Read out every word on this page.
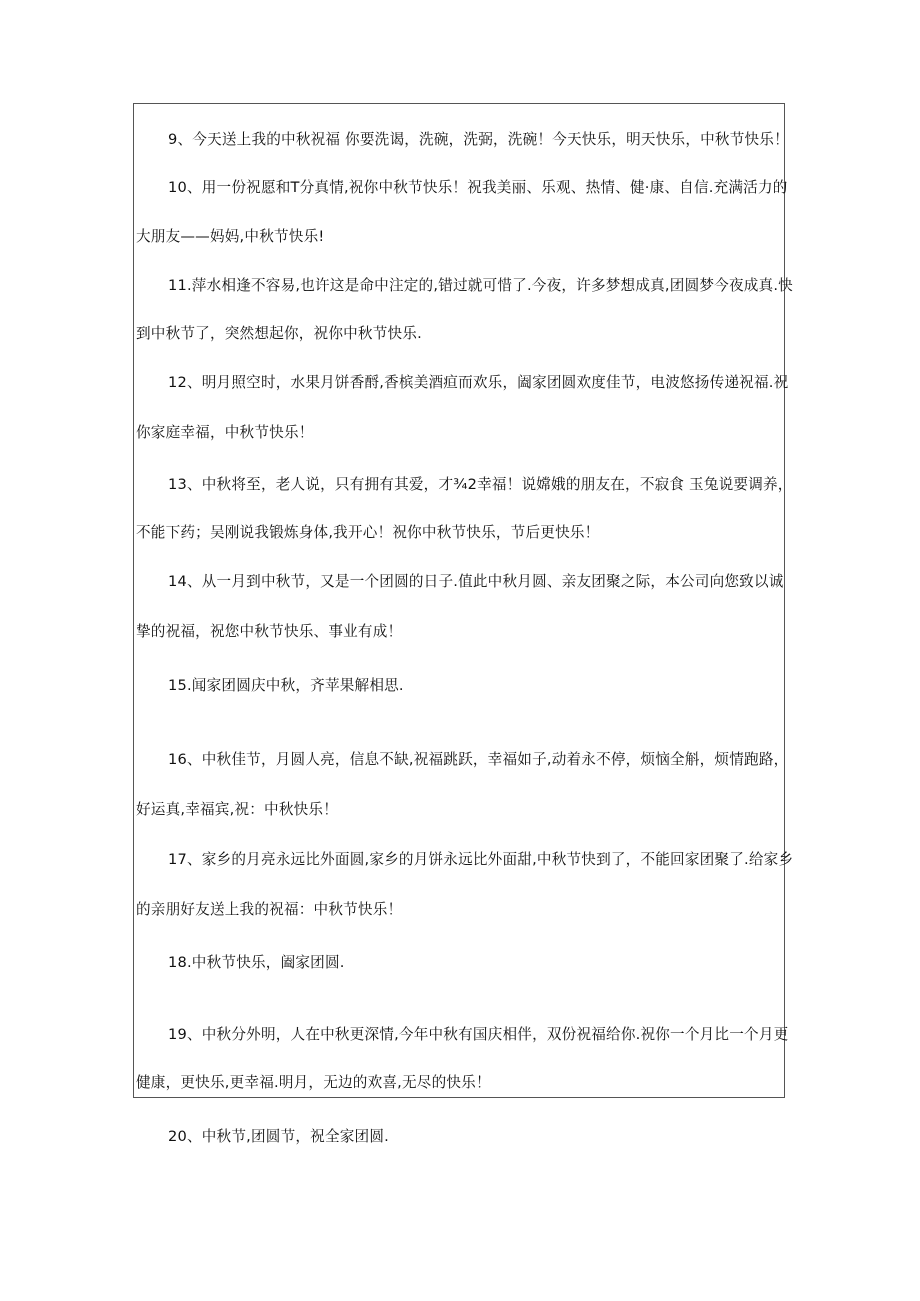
9、今天送上我的中秋祝福 你要洗谒，洗碗，洗弼，洗碗！今天快乐，明天快乐，中秋节快乐！
10、用一份祝愿和T分真情,祝你中秋节快乐！祝我美丽、乐观、热情、健·康、自信.充满活力的
大朋友——妈妈,中秋节快乐!
11.萍水相逢不容易,也许这是命中注定的,错过就可惜了.今夜，许多梦想成真,团圆梦今夜成真.快
到中秋节了，突然想起你，祝你中秋节快乐.
12、明月照空时，水果月饼香酹,香槟美酒疸而欢乐，阖家团圆欢度佳节，电波悠扬传递祝福.祝
你家庭幸福，中秋节快乐！
13、中秋将至，老人说，只有拥有其爱，才¾2幸福！说嫦娥的朋友在，不寂食 玉兔说要调养，
不能下药；吴刚说我锻炼身体,我开心！祝你中秋节快乐，节后更快乐！
14、从一月到中秋节，又是一个团圆的日子.值此中秋月圆、亲友团聚之际，本公司向您致以诚
挚的祝福，祝您中秋节快乐、事业有成！
15.闻家团圆庆中秋，齐苹果解相思.
16、中秋佳节，月圆人亮，信息不缺,祝福跳跃，幸福如子,动着永不停，烦恼全斛，烦情跑路，
好运真,幸福宾,祝：中秋快乐！
17、家乡的月亮永远比外面圆,家乡的月饼永远比外面甜,中秋节快到了，不能回家团聚了.给家乡
的亲朋好友送上我的祝福：中秋节快乐！
18.中秋节快乐，阖家团圆.
19、中秋分外明，人在中秋更深情,今年中秋有国庆相伴，双份祝福给你.祝你一个月比一个月更
健康，更快乐,更幸福.明月，无边的欢喜,无尽的快乐！
20、中秋节,团圆节，祝全家团圆.
